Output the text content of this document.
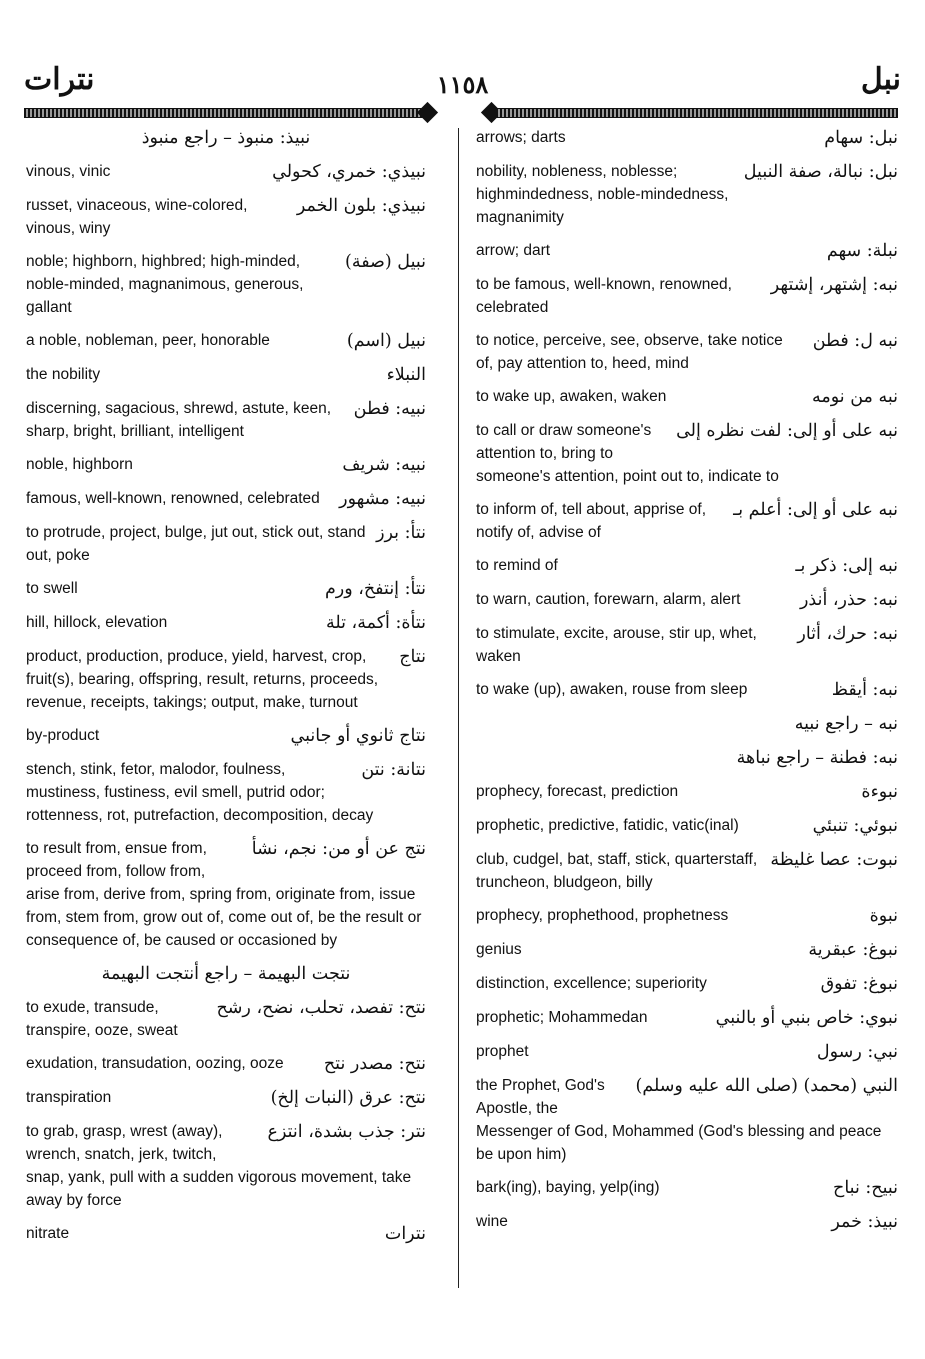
نترات	١١٥٨	نبل
نبيذ: منبوذ – راجع منبوذ
نبيذي: خمري، كحولي
vinous, vinic
نبيذي: بلون الخمر
russet, vinaceous, wine-colored, vinous, winy
نبيل (صفة)
noble; highborn, highbred; high-minded, noble-minded, magnanimous, generous, gallant
نبيل (اسم)
a noble, nobleman, peer, honorable
النبلاء
the nobility
نبيه: فطن
discerning, sagacious, shrewd, astute, keen, sharp, bright, brilliant, intelligent
نبيه: شريف
noble, highborn
نبيه: مشهور
famous, well-known, renowned, celebrated
نتأ: برز
to protrude, project, bulge, jut out, stick out, stand out, poke
نتأ: إنتفخ، ورم
to swell
نتأة: أكمة، تلة
hill, hillock, elevation
نتاج
product, production, produce, yield, harvest, crop, fruit(s), bearing, offspring, result, returns, proceeds, revenue, receipts, takings; output, make, turnout
نتاج ثانوي أو جانبي
by-product
نتانة: نتن
stench, stink, fetor, malodor, foulness, mustiness, fustiness, evil smell, putrid odor; rottenness, rot, putrefaction, decomposition, decay
نتج عن أو من: نجم، نشأ
to result from, ensue from, proceed from, follow from, arise from, derive from, spring from, originate from, issue from, stem from, grow out of, come out of, be the result or consequence of, be caused or occasioned by
نتجت البهيمة – راجع أنتجت البهيمة
نتح: تفصد، تحلب، نضح، رشح
to exude, transude, transpire, ooze, sweat
نتح: مصدر نتح
exudation, transudation, oozing, ooze
نتح: عرق (النبات إلخ)
transpiration
نتر: جذب بشدة، انتزع
to grab, grasp, wrest (away), wrench, snatch, jerk, twitch, snap, yank, pull with a sudden vigorous movement, take away by force
نترات
nitrate
نبل: سهام
arrows; darts
نبل: نبالة، صفة النبيل
nobility, nobleness, noblesse; highmindedness, noble-mindedness, magnanimity
نبلة: سهم
arrow; dart
نبه: إشتهر، إشتهر
to be famous, well-known, renowned, celebrated
نبه ل: فطن
to notice, perceive, see, observe, take notice of, pay attention to, heed, mind
نبه من نومه
to wake up, awaken, waken
نبه على أو إلى: لفت نظره إلى
to call or draw someone's attention to, bring to someone's attention, point out to, indicate to
نبه على أو إلى: أعلم بـ
to inform of, tell about, apprise of, notify of, advise of
نبه إلى: ذكر بـ
to remind of
نبه: حذر، أنذر
to warn, caution, forewarn, alarm, alert
نبه: حرك، أثار
to stimulate, excite, arouse, stir up, whet, waken
نبه: أيقظ
to wake (up), awaken, rouse from sleep
نبه – راجع نبيه
نبه: فطنة – راجع نباهة
نبوءة
prophecy, forecast, prediction
نبوئي: تنبئي
prophetic, predictive, fatidic, vatic(inal)
نبوت: عصا غليظة
club, cudgel, bat, staff, stick, quarterstaff, truncheon, bludgeon, billy
نبوة
prophecy, prophethood, prophetness
نبوغ: عبقرية
genius
نبوغ: تفوق
distinction, excellence; superiority
نبوي: خاص بنبي أو بالنبي
prophetic; Mohammedan
نبي: رسول
prophet
النبي (محمد) (صلى الله عليه وسلم)
the Prophet, God's Apostle, the Messenger of God, Mohammed (God's blessing and peace be upon him)
نبيح: نباح
bark(ing), baying, yelp(ing)
نبيذ: خمر
wine
